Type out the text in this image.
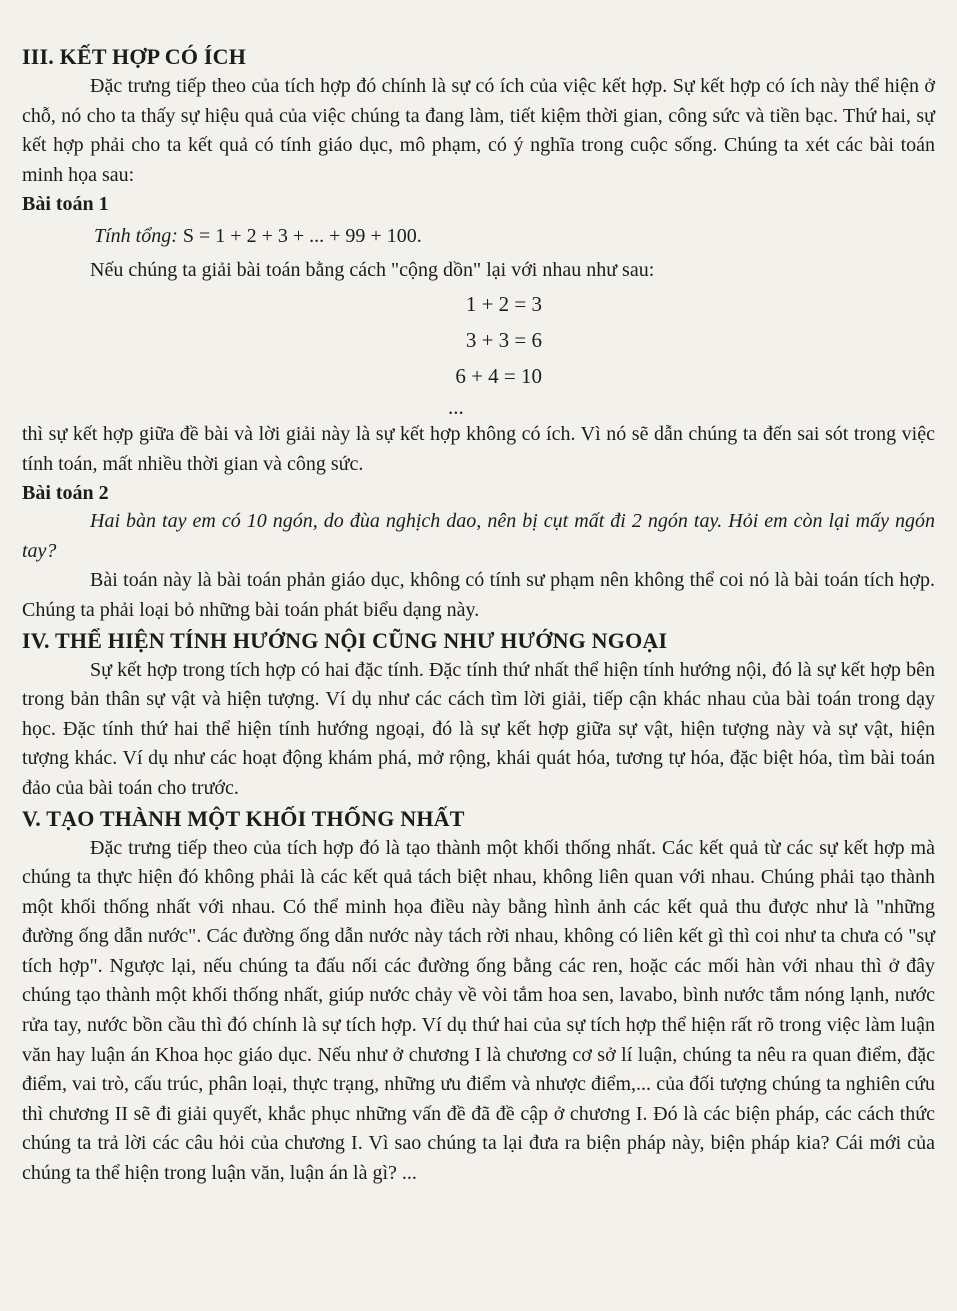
III. KẾT HỢP CÓ ÍCH

Đặc trưng tiếp theo của tích hợp đó chính là sự có ích của việc kết hợp. Sự kết hợp có ích này thể hiện ở chỗ, nó cho ta thấy sự hiệu quả của việc chúng ta đang làm, tiết kiệm thời gian, công sức và tiền bạc. Thứ hai, sự kết hợp phải cho ta kết quả có tính giáo dục, mô phạm, có ý nghĩa trong cuộc sống. Chúng ta xét các bài toán minh họa sau:

Bài toán 1
Tính tổng: S = 1 + 2 + 3 + ... + 99 + 100.

Nếu chúng ta giải bài toán bằng cách "cộng dồn" lại với nhau như sau:

1 + 2 = 3
3 + 3 = 6
6 + 4 = 10
...

thì sự kết hợp giữa đề bài và lời giải này là sự kết hợp không có ích. Vì nó sẽ dẫn chúng ta đến sai sót trong việc tính toán, mất nhiều thời gian và công sức.

Bài toán 2

Hai bàn tay em có 10 ngón, do đùa nghịch dao, nên bị cụt mất đi 2 ngón tay. Hỏi em còn lại mấy ngón tay?

Bài toán này là bài toán phản giáo dục, không có tính sư phạm nên không thể coi nó là bài toán tích hợp. Chúng ta phải loại bỏ những bài toán phát biểu dạng này.

IV. THỂ HIỆN TÍNH HƯỚNG NỘI CŨNG NHƯ HƯỚNG NGOẠI

Sự kết hợp trong tích hợp có hai đặc tính. Đặc tính thứ nhất thể hiện tính hướng nội, đó là sự kết hợp bên trong bản thân sự vật và hiện tượng. Ví dụ như các cách tìm lời giải, tiếp cận khác nhau của bài toán trong dạy học. Đặc tính thứ hai thể hiện tính hướng ngoại, đó là sự kết hợp giữa sự vật, hiện tượng này và sự vật, hiện tượng khác. Ví dụ như các hoạt động khám phá, mở rộng, khái quát hóa, tương tự hóa, đặc biệt hóa, tìm bài toán đảo của bài toán cho trước.

V. TẠO THÀNH MỘT KHỐI THỐNG NHẤT

Đặc trưng tiếp theo của tích hợp đó là tạo thành một khối thống nhất. Các kết quả từ các sự kết hợp mà chúng ta thực hiện đó không phải là các kết quả tách biệt nhau, không liên quan với nhau. Chúng phải tạo thành một khối thống nhất với nhau. Có thể minh họa điều này bằng hình ảnh các kết quả thu được như là "những đường ống dẫn nước". Các đường ống dẫn nước này tách rời nhau, không có liên kết gì thì coi như ta chưa có "sự tích hợp". Ngược lại, nếu chúng ta đấu nối các đường ống bằng các ren, hoặc các mối hàn với nhau thì ở đây chúng tạo thành một khối thống nhất, giúp nước chảy về vòi tắm hoa sen, lavabo, bình nước tắm nóng lạnh, nước rửa tay, nước bồn cầu thì đó chính là sự tích hợp. Ví dụ thứ hai của sự tích hợp thể hiện rất rõ trong việc làm luận văn hay luận án Khoa học giáo dục. Nếu như ở chương I là chương cơ sở lí luận, chúng ta nêu ra quan điểm, đặc điểm, vai trò, cấu trúc, phân loại, thực trạng, những ưu điểm và nhược điểm,... của đối tượng chúng ta nghiên cứu thì chương II sẽ đi giải quyết, khắc phục những vấn đề đã đề cập ở chương I. Đó là các biện pháp, các cách thức chúng ta trả lời các câu hỏi của chương I. Vì sao chúng ta lại đưa ra biện pháp này, biện pháp kia? Cái mới của chúng ta thể hiện trong luận văn, luận án là gì? ...
